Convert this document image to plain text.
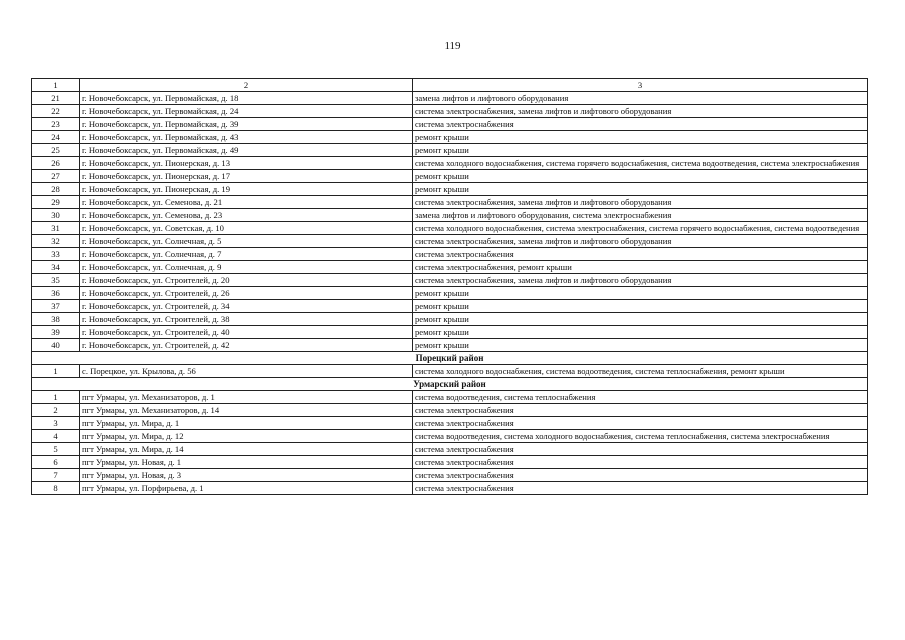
119
1	2	3
21	г. Новочебоксарск, ул. Первомайская, д. 18	замена лифтов и лифтового оборудования
22	г. Новочебоксарск, ул. Первомайская, д. 24	система электроснабжения, замена лифтов и лифтового оборудования
23	г. Новочебоксарск, ул. Первомайская, д. 39	система электроснабжения
24	г. Новочебоксарск, ул. Первомайская, д. 43	ремонт крыши
25	г. Новочебоксарск, ул. Первомайская, д. 49	ремонт крыши
26	г. Новочебоксарск, ул. Пионерская, д. 13	система холодного водоснабжения, система горячего водоснабжения, система водоотведения, система электроснабжения
27	г. Новочебоксарск, ул. Пионерская, д. 17	ремонт крыши
28	г. Новочебоксарск, ул. Пионерская, д. 19	ремонт крыши
29	г. Новочебоксарск, ул. Семенова, д. 21	система электроснабжения, замена лифтов и лифтового оборудования
30	г. Новочебоксарск, ул. Семенова, д. 23	замена лифтов и лифтового оборудования, система электроснабжения
31	г. Новочебоксарск, ул. Советская, д. 10	система холодного водоснабжения, система электроснабжения, система горячего водоснабжения, система водоотведения
32	г. Новочебоксарск, ул. Солнечная, д. 5	система электроснабжения, замена лифтов и лифтового оборудования
33	г. Новочебоксарск, ул. Солнечная, д. 7	система электроснабжения
34	г. Новочебоксарск, ул. Солнечная, д. 9	система электроснабжения, ремонт крыши
35	г. Новочебоксарск, ул. Строителей, д. 20	система электроснабжения, замена лифтов и лифтового оборудования
36	г. Новочебоксарск, ул. Строителей, д. 26	ремонт крыши
37	г. Новочебоксарск, ул. Строителей, д. 34	ремонт крыши
38	г. Новочебоксарск, ул. Строителей, д. 38	ремонт крыши
39	г. Новочебоксарск, ул. Строителей, д. 40	ремонт крыши
40	г. Новочебоксарск, ул. Строителей, д. 42	ремонт крыши
Порецкий район		
1	с. Порецкое, ул. Крылова, д. 56	система холодного водоснабжения, система водоотведения, система теплоснабжения, ремонт крыши
Урмарский район		
1	пгт Урмары, ул. Механизаторов, д. 1	система водоотведения, система теплоснабжения
2	пгт Урмары, ул. Механизаторов, д. 14	система электроснабжения
3	пгт Урмары, ул. Мира, д. 1	система электроснабжения
4	пгт Урмары, ул. Мира, д. 12	система водоотведения, система холодного водоснабжения, система теплоснабжения, система электроснабжения
5	пгт Урмары, ул. Мира, д. 14	система электроснабжения
6	пгт Урмары, ул. Новая, д. 1	система электроснабжения
7	пгт Урмары, ул. Новая, д. 3	система электроснабжения
8	пгт Урмары, ул. Порфирьева, д. 1	система электроснабжения
